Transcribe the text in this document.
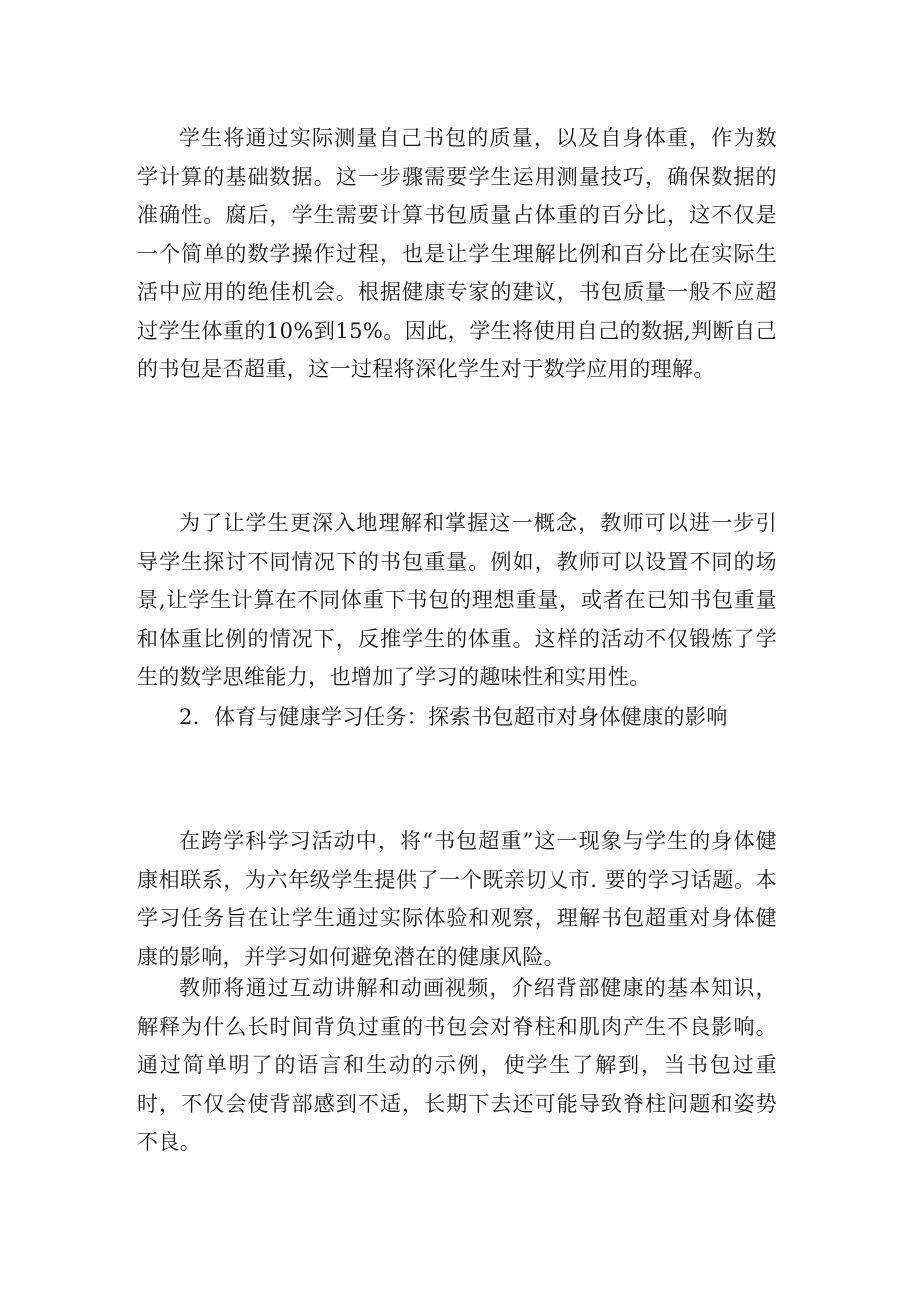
学生将通过实际测量自己书包的质量，以及自身体重，作为数学计算的基础数据。这一步骤需要学生运用测量技巧，确保数据的准确性。腐后，学生需要计算书包质量占体重的百分比，这不仅是一个简单的数学操作过程，也是让学生理解比例和百分比在实际生活中应用的绝佳机会。根据健康专家的建议，书包质量一般不应超过学生体重的10%到15%。因此，学生将使用自己的数据,判断自己的书包是否超重，这一过程将深化学生对于数学应用的理解。

为了让学生更深入地理解和掌握这一概念，教师可以进一步引导学生探讨不同情况下的书包重量。例如，教师可以设置不同的场景,让学生计算在不同体重下书包的理想重量，或者在已知书包重量和体重比例的情况下，反推学生的体重。这样的活动不仅锻炼了学生的数学思维能力，也增加了学习的趣味性和实用性。

2．体育与健康学习任务：探索书包超市对身体健康的影响

在跨学科学习活动中，将“书包超重”这一现象与学生的身体健康相联系，为六年级学生提供了一个既亲切乂市. 要的学习话题。本学习任务旨在让学生通过实际体验和观察，理解书包超重对身体健康的影响，并学习如何避免潜在的健康风险。

教师将通过互动讲解和动画视频，介绍背部健康的基本知识，解释为什么长时间背负过重的书包会对脊柱和肌肉产生不良影响。通过简单明了的语言和生动的示例，使学生了解到，当书包过重时，不仅会使背部感到不适，长期下去还可能导致脊柱问题和姿势不良。
